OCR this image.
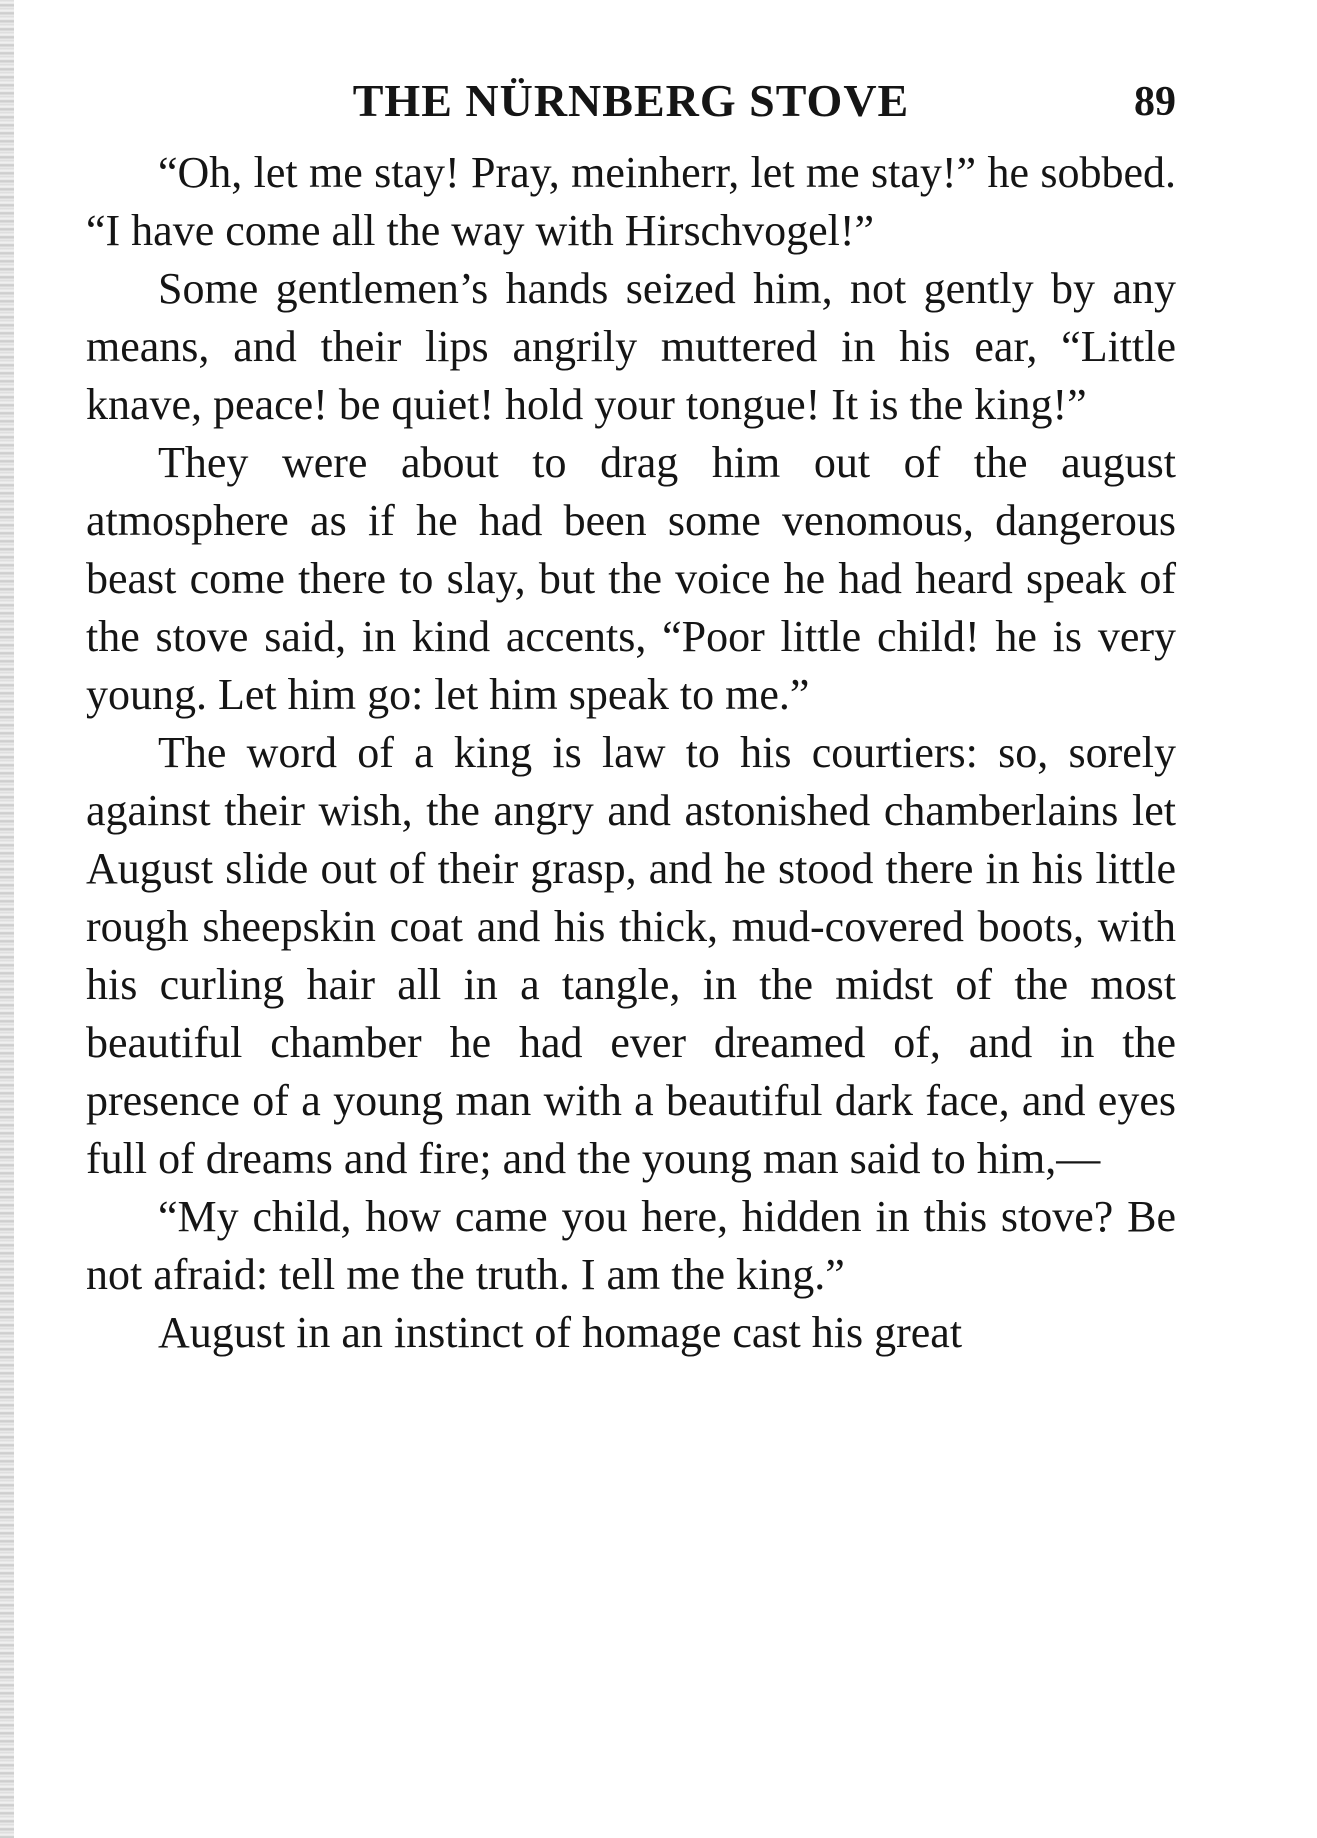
THE NÜRNBERG STOVE	89

“Oh, let me stay! Pray, meinherr, let me stay!” he sobbed. “I have come all the way with Hirschvogel!”

Some gentlemen’s hands seized him, not gently by any means, and their lips angrily muttered in his ear, “Little knave, peace! be quiet! hold your tongue! It is the king!”

They were about to drag him out of the august atmosphere as if he had been some venomous, dangerous beast come there to slay, but the voice he had heard speak of the stove said, in kind accents, “Poor little child! he is very young. Let him go: let him speak to me.”

The word of a king is law to his courtiers: so, sorely against their wish, the angry and astonished chamberlains let August slide out of their grasp, and he stood there in his little rough sheepskin coat and his thick, mud-covered boots, with his curling hair all in a tangle, in the midst of the most beautiful chamber he had ever dreamed of, and in the presence of a young man with a beautiful dark face, and eyes full of dreams and fire; and the young man said to him,—

“My child, how came you here, hidden in this stove? Be not afraid: tell me the truth. I am the king.”

August in an instinct of homage cast his great
